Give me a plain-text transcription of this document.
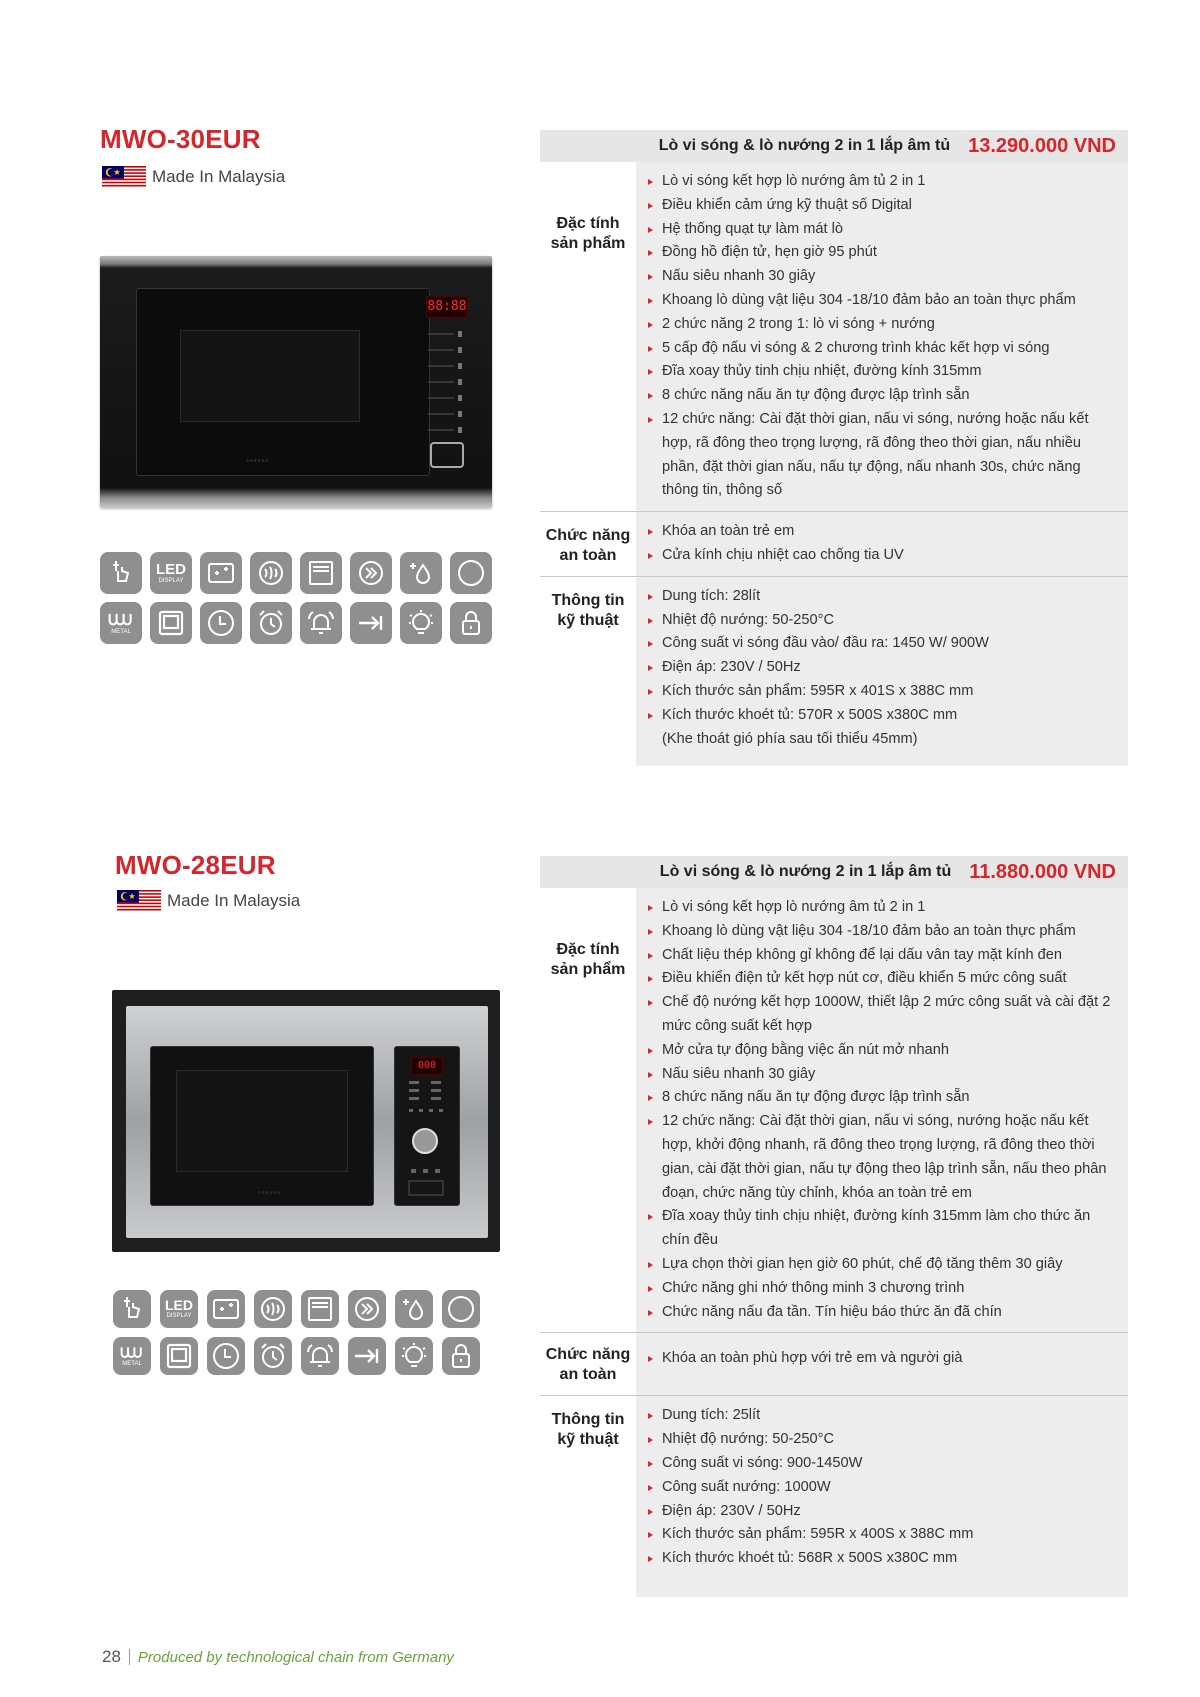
MWO-30EUR
Made In Malaysia
88:88
◦◦◦◦◦◦
LED
DISPLAY
METAL
Lò vi sóng & lò nướng 2 in 1 lắp âm tủ 13.290.000 VND
Đặc tính
sản phẩm
Lò vi sóng kết hợp lò nướng âm tủ 2 in 1
Điều khiển cảm ứng kỹ thuật số Digital
Hệ thống quạt tự làm mát lò
Đồng hồ điện tử, hẹn giờ 95 phút
Nấu siêu nhanh 30 giây
Khoang lò dùng vật liệu 304 -18/10 đảm bảo an toàn thực phẩm
2 chức năng 2 trong 1: lò vi sóng + nướng
5 cấp độ nấu vi sóng & 2 chương trình khác kết hợp vi sóng
Đĩa xoay thủy tinh chịu nhiệt, đường kính 315mm
8 chức năng nấu ăn tự động được lập trình sẵn
12 chức năng: Cài đặt thời gian, nấu vi sóng, nướng hoặc nấu kết hợp, rã đông theo trọng lượng, rã đông theo thời gian, nấu nhiều phần, đặt thời gian nấu, nấu tự động, nấu nhanh 30s, chức năng thông tin, thông số
Chức năng
an toàn
Khóa an toàn trẻ em
Cửa kính chịu nhiệt cao chống tia UV
Thông tin
kỹ thuật
Dung tích: 28lít
Nhiệt độ nướng: 50-250°C
Công suất vi sóng đầu vào/ đầu ra: 1450 W/ 900W
Điện áp: 230V / 50Hz
Kích thước sản phẩm: 595R x 401S x 388C mm
Kích thước khoét tủ: 570R x 500S x380C mm
(Khe thoát gió phía sau tối thiểu 45mm)
MWO-28EUR
Made In Malaysia
000
◦◦◦◦◦◦
LED
DISPLAY
METAL
Lò vi sóng & lò nướng 2 in 1 lắp âm tủ 11.880.000 VND
Đặc tính
sản phẩm
Lò vi sóng kết hợp lò nướng âm tủ 2 in 1
Khoang lò dùng vật liệu 304 -18/10 đảm bảo an toàn thực phẩm
Chất liệu thép không gỉ không để lại dấu vân tay mặt kính đen
Điều khiển điện tử kết hợp nút cơ, điều khiển 5 mức công suất
Chế độ nướng kết hợp 1000W, thiết lập 2 mức công suất và cài đặt 2 mức công suất kết hợp
Mở cửa tự động bằng việc ấn nút mở nhanh
Nấu siêu nhanh 30 giây
8 chức năng nấu ăn tự động được lập trình sẵn
12 chức năng: Cài đặt thời gian, nấu vi sóng, nướng hoặc nấu kết hợp, khởi động nhanh, rã đông theo trọng lượng, rã đông theo thời gian, cài đặt thời gian, nấu tự động theo lập trình sẵn, nấu theo phân đoạn, chức năng tùy chỉnh, khóa an toàn trẻ em
Đĩa xoay thủy tinh chịu nhiệt, đường kính 315mm làm cho thức ăn chín đều
Lựa chọn thời gian hẹn giờ 60 phút, chế độ tăng thêm 30 giây
Chức năng ghi nhớ thông minh 3 chương trình
Chức năng nấu đa tần. Tín hiệu báo thức ăn đã chín
Chức năng
an toàn
Khóa an toàn phù hợp với trẻ em và người già
Thông tin
kỹ thuật
Dung tích: 25lít
Nhiệt độ nướng: 50-250°C
Công suất vi sóng: 900-1450W
Công suất nướng: 1000W
Điện áp: 230V / 50Hz
Kích thước sản phẩm: 595R x 400S x 388C mm
Kích thước khoét tủ: 568R x 500S x380C mm
28 Produced by technological chain from Germany
